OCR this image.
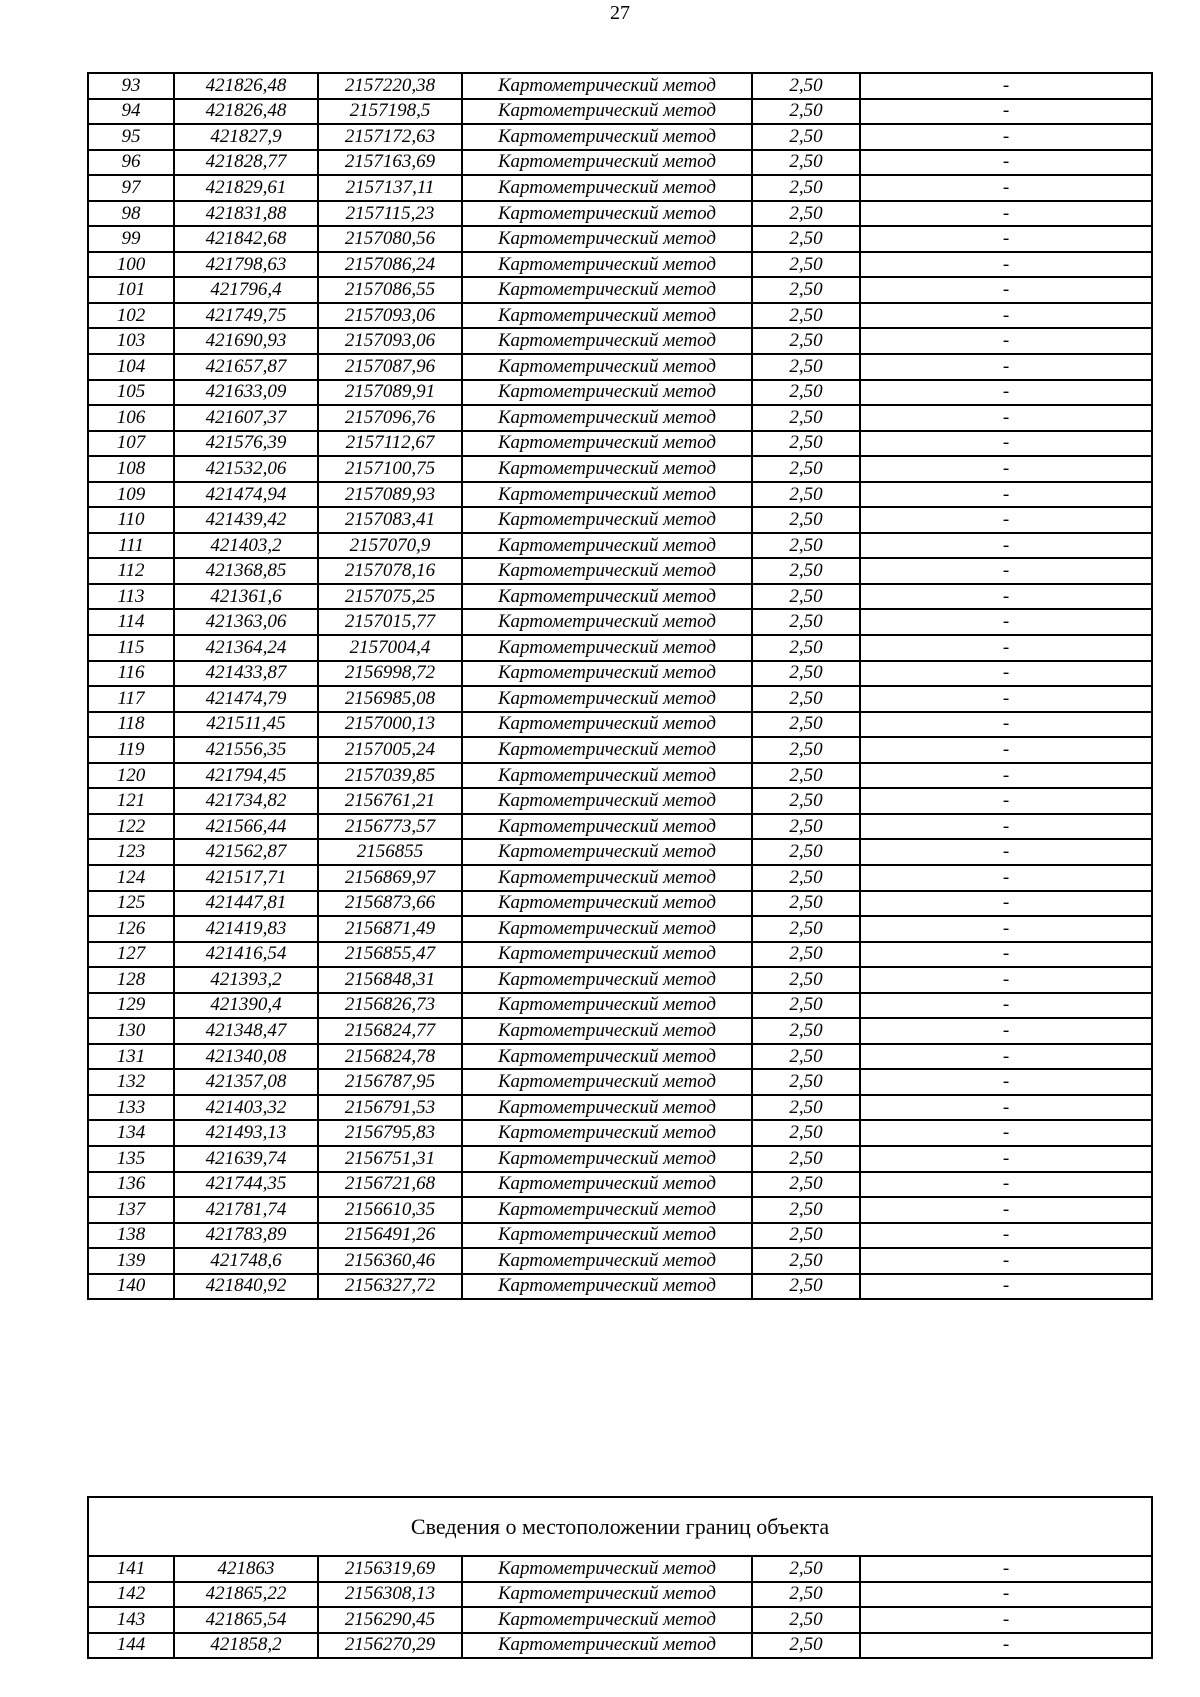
27
93	421826,48	2157220,38	Картометрический метод	2,50	-
94	421826,48	2157198,5	Картометрический метод	2,50	-
95	421827,9	2157172,63	Картометрический метод	2,50	-
96	421828,77	2157163,69	Картометрический метод	2,50	-
97	421829,61	2157137,11	Картометрический метод	2,50	-
98	421831,88	2157115,23	Картометрический метод	2,50	-
99	421842,68	2157080,56	Картометрический метод	2,50	-
100	421798,63	2157086,24	Картометрический метод	2,50	-
101	421796,4	2157086,55	Картометрический метод	2,50	-
102	421749,75	2157093,06	Картометрический метод	2,50	-
103	421690,93	2157093,06	Картометрический метод	2,50	-
104	421657,87	2157087,96	Картометрический метод	2,50	-
105	421633,09	2157089,91	Картометрический метод	2,50	-
106	421607,37	2157096,76	Картометрический метод	2,50	-
107	421576,39	2157112,67	Картометрический метод	2,50	-
108	421532,06	2157100,75	Картометрический метод	2,50	-
109	421474,94	2157089,93	Картометрический метод	2,50	-
110	421439,42	2157083,41	Картометрический метод	2,50	-
111	421403,2	2157070,9	Картометрический метод	2,50	-
112	421368,85	2157078,16	Картометрический метод	2,50	-
113	421361,6	2157075,25	Картометрический метод	2,50	-
114	421363,06	2157015,77	Картометрический метод	2,50	-
115	421364,24	2157004,4	Картометрический метод	2,50	-
116	421433,87	2156998,72	Картометрический метод	2,50	-
117	421474,79	2156985,08	Картометрический метод	2,50	-
118	421511,45	2157000,13	Картометрический метод	2,50	-
119	421556,35	2157005,24	Картометрический метод	2,50	-
120	421794,45	2157039,85	Картометрический метод	2,50	-
121	421734,82	2156761,21	Картометрический метод	2,50	-
122	421566,44	2156773,57	Картометрический метод	2,50	-
123	421562,87	2156855	Картометрический метод	2,50	-
124	421517,71	2156869,97	Картометрический метод	2,50	-
125	421447,81	2156873,66	Картометрический метод	2,50	-
126	421419,83	2156871,49	Картометрический метод	2,50	-
127	421416,54	2156855,47	Картометрический метод	2,50	-
128	421393,2	2156848,31	Картометрический метод	2,50	-
129	421390,4	2156826,73	Картометрический метод	2,50	-
130	421348,47	2156824,77	Картометрический метод	2,50	-
131	421340,08	2156824,78	Картометрический метод	2,50	-
132	421357,08	2156787,95	Картометрический метод	2,50	-
133	421403,32	2156791,53	Картометрический метод	2,50	-
134	421493,13	2156795,83	Картометрический метод	2,50	-
135	421639,74	2156751,31	Картометрический метод	2,50	-
136	421744,35	2156721,68	Картометрический метод	2,50	-
137	421781,74	2156610,35	Картометрический метод	2,50	-
138	421783,89	2156491,26	Картометрический метод	2,50	-
139	421748,6	2156360,46	Картометрический метод	2,50	-
140	421840,92	2156327,72	Картометрический метод	2,50	-
Сведения о местоположении границ объекта					
141	421863	2156319,69	Картометрический метод	2,50	-
142	421865,22	2156308,13	Картометрический метод	2,50	-
143	421865,54	2156290,45	Картометрический метод	2,50	-
144	421858,2	2156270,29	Картометрический метод	2,50	-
